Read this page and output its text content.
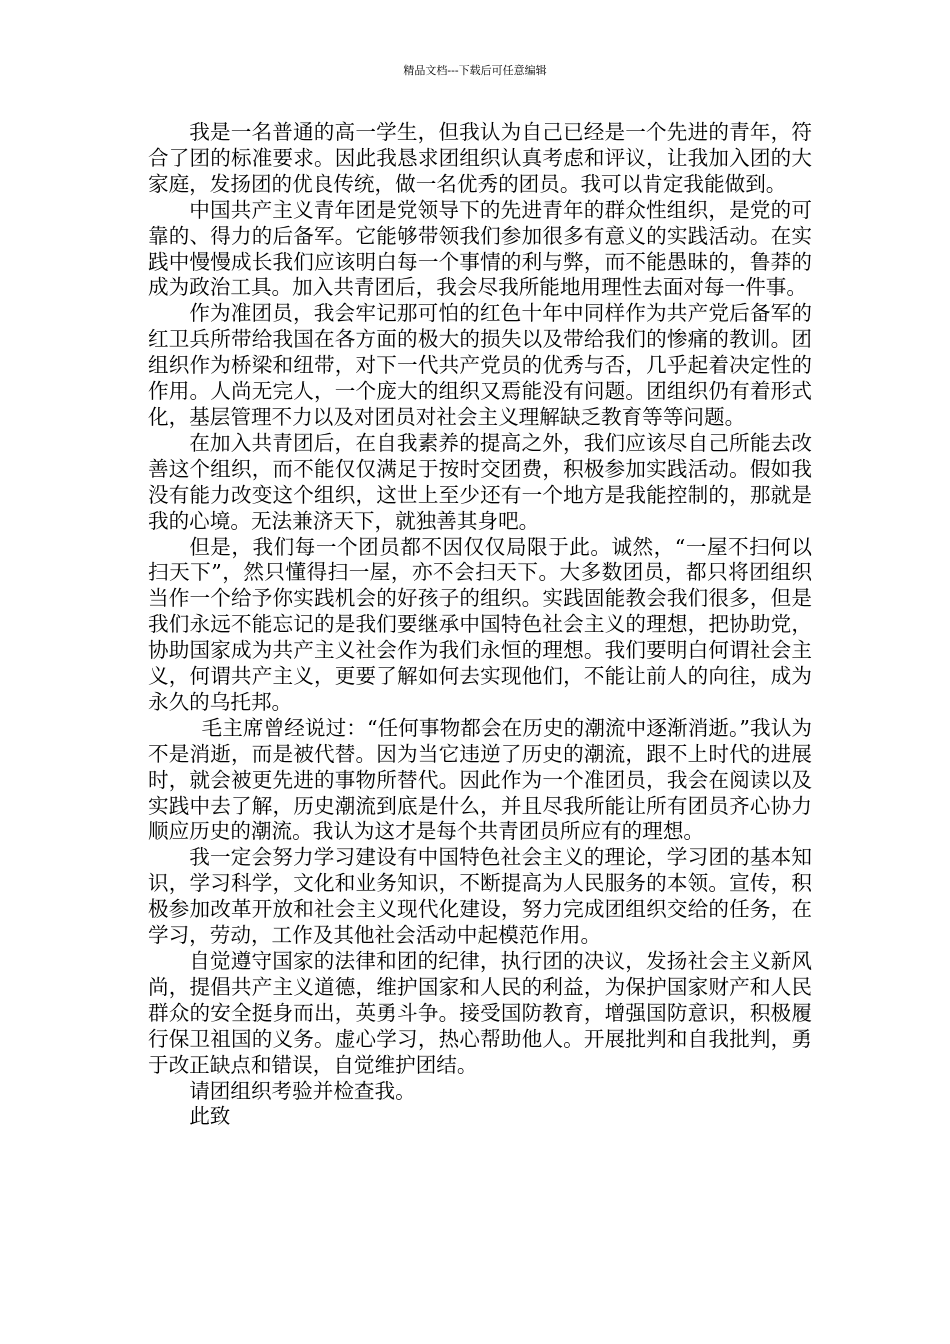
精品文档---下载后可任意编辑

我是一名普通的高一学生，但我认为自己已经是一个先进的青年，符合了团的标准要求。因此我恳求团组织认真考虑和评议，让我加入团的大家庭，发扬团的优良传统，做一名优秀的团员。我可以肯定我能做到。

中国共产主义青年团是党领导下的先进青年的群众性组织，是党的可靠的、得力的后备军。它能够带领我们参加很多有意义的实践活动。在实践中慢慢成长我们应该明白每一个事情的利与弊，而不能愚昧的，鲁莽的成为政治工具。加入共青团后，我会尽我所能地用理性去面对每一件事。

作为准团员，我会牢记那可怕的红色十年中同样作为共产党后备军的红卫兵所带给我国在各方面的极大的损失以及带给我们的惨痛的教训。团组织作为桥梁和纽带，对下一代共产党员的优秀与否，几乎起着决定性的作用。人尚无完人，一个庞大的组织又焉能没有问题。团组织仍有着形式化，基层管理不力以及对团员对社会主义理解缺乏教育等等问题。

在加入共青团后，在自我素养的提高之外，我们应该尽自己所能去改善这个组织，而不能仅仅满足于按时交团费，积极参加实践活动。假如我没有能力改变这个组织，这世上至少还有一个地方是我能控制的，那就是我的心境。无法兼济天下，就独善其身吧。

但是，我们每一个团员都不因仅仅局限于此。诚然，“一屋不扫何以扫天下”，然只懂得扫一屋，亦不会扫天下。大多数团员，都只将团组织当作一个给予你实践机会的好孩子的组织。实践固能教会我们很多，但是我们永远不能忘记的是我们要继承中国特色社会主义的理想，把协助党，协助国家成为共产主义社会作为我们永恒的理想。我们要明白何谓社会主义，何谓共产主义，更要了解如何去实现他们，不能让前人的向往，成为永久的乌托邦。

毛主席曾经说过：“任何事物都会在历史的潮流中逐渐消逝。”我认为不是消逝，而是被代替。因为当它违逆了历史的潮流，跟不上时代的进展时，就会被更先进的事物所替代。因此作为一个准团员，我会在阅读以及实践中去了解，历史潮流到底是什么，并且尽我所能让所有团员齐心协力顺应历史的潮流。我认为这才是每个共青团员所应有的理想。

我一定会努力学习建设有中国特色社会主义的理论，学习团的基本知识，学习科学，文化和业务知识，不断提高为人民服务的本领。宣传，积极参加改革开放和社会主义现代化建设，努力完成团组织交给的任务，在学习，劳动，工作及其他社会活动中起模范作用。

自觉遵守国家的法律和团的纪律，执行团的决议，发扬社会主义新风尚，提倡共产主义道德，维护国家和人民的利益，为保护国家财产和人民群众的安全挺身而出，英勇斗争。接受国防教育，增强国防意识，积极履行保卫祖国的义务。虚心学习，热心帮助他人。开展批判和自我批判，勇于改正缺点和错误，自觉维护团结。

请团组织考验并检查我。

此致
